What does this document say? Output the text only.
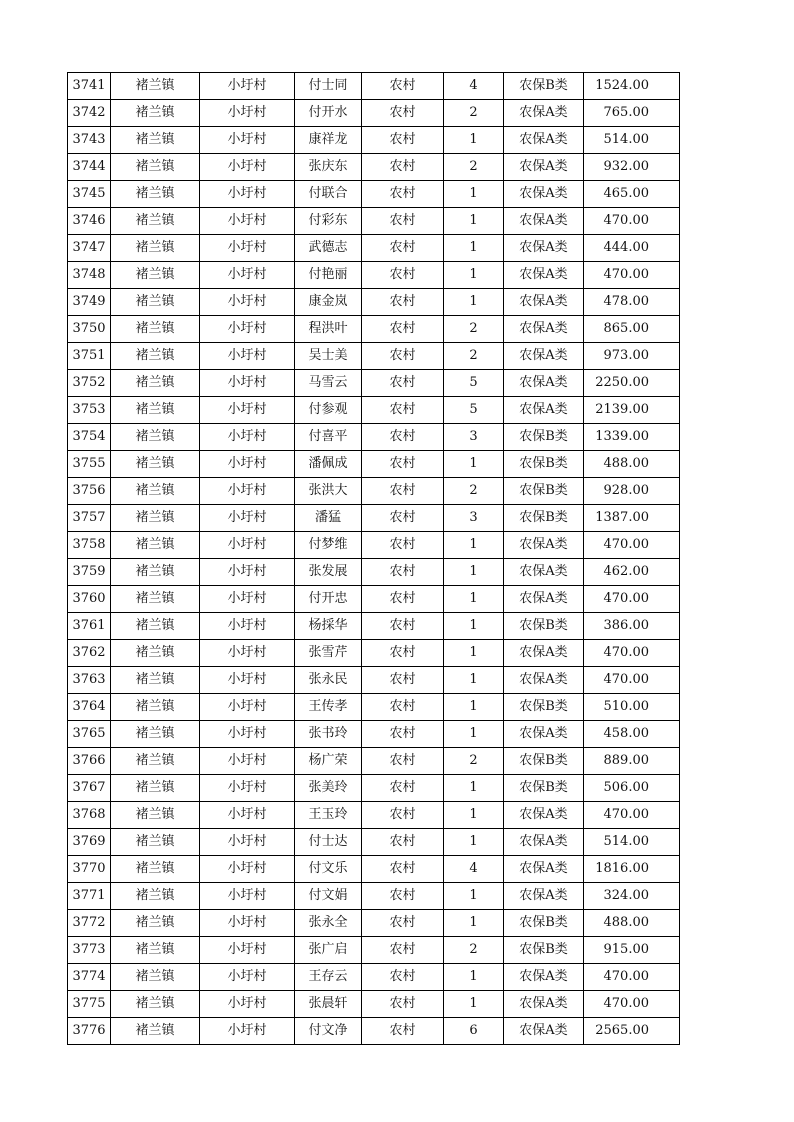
3741	褚兰镇	小圩村	付士同	农村	4	农保B类	1524.00
3742	褚兰镇	小圩村	付开水	农村	2	农保A类	765.00
3743	褚兰镇	小圩村	康祥龙	农村	1	农保A类	514.00
3744	褚兰镇	小圩村	张庆东	农村	2	农保A类	932.00
3745	褚兰镇	小圩村	付联合	农村	1	农保A类	465.00
3746	褚兰镇	小圩村	付彩东	农村	1	农保A类	470.00
3747	褚兰镇	小圩村	武德志	农村	1	农保A类	444.00
3748	褚兰镇	小圩村	付艳丽	农村	1	农保A类	470.00
3749	褚兰镇	小圩村	康金岚	农村	1	农保A类	478.00
3750	褚兰镇	小圩村	程洪叶	农村	2	农保A类	865.00
3751	褚兰镇	小圩村	吴士美	农村	2	农保A类	973.00
3752	褚兰镇	小圩村	马雪云	农村	5	农保A类	2250.00
3753	褚兰镇	小圩村	付参观	农村	5	农保A类	2139.00
3754	褚兰镇	小圩村	付喜平	农村	3	农保B类	1339.00
3755	褚兰镇	小圩村	潘佩成	农村	1	农保B类	488.00
3756	褚兰镇	小圩村	张洪大	农村	2	农保B类	928.00
3757	褚兰镇	小圩村	潘猛	农村	3	农保B类	1387.00
3758	褚兰镇	小圩村	付梦维	农村	1	农保A类	470.00
3759	褚兰镇	小圩村	张发展	农村	1	农保A类	462.00
3760	褚兰镇	小圩村	付开忠	农村	1	农保A类	470.00
3761	褚兰镇	小圩村	杨採华	农村	1	农保B类	386.00
3762	褚兰镇	小圩村	张雪芹	农村	1	农保A类	470.00
3763	褚兰镇	小圩村	张永民	农村	1	农保A类	470.00
3764	褚兰镇	小圩村	王传孝	农村	1	农保B类	510.00
3765	褚兰镇	小圩村	张书玲	农村	1	农保A类	458.00
3766	褚兰镇	小圩村	杨广荣	农村	2	农保B类	889.00
3767	褚兰镇	小圩村	张美玲	农村	1	农保B类	506.00
3768	褚兰镇	小圩村	王玉玲	农村	1	农保A类	470.00
3769	褚兰镇	小圩村	付士达	农村	1	农保A类	514.00
3770	褚兰镇	小圩村	付文乐	农村	4	农保A类	1816.00
3771	褚兰镇	小圩村	付文娟	农村	1	农保A类	324.00
3772	褚兰镇	小圩村	张永全	农村	1	农保B类	488.00
3773	褚兰镇	小圩村	张广启	农村	2	农保B类	915.00
3774	褚兰镇	小圩村	王存云	农村	1	农保A类	470.00
3775	褚兰镇	小圩村	张晨轩	农村	1	农保A类	470.00
3776	褚兰镇	小圩村	付文净	农村	6	农保A类	2565.00
